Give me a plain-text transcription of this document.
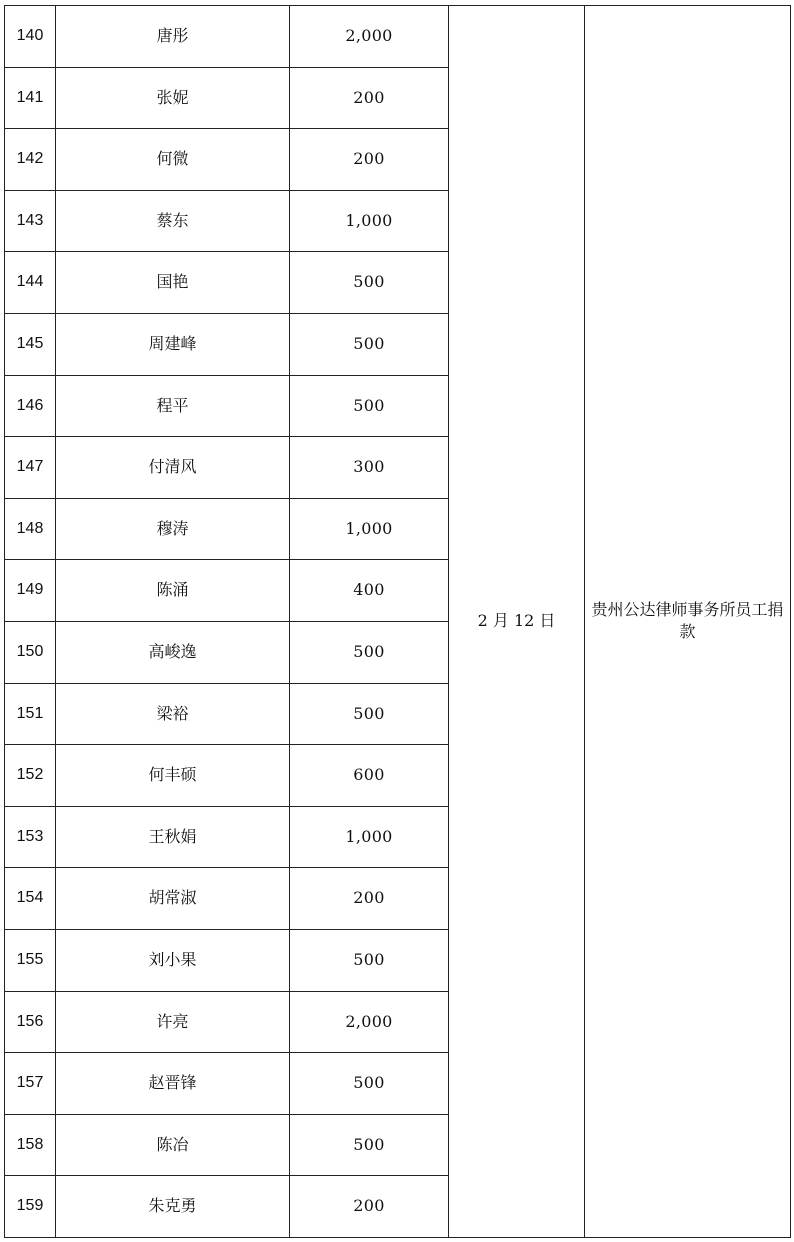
140	唐彤	2,000	2 月 12 日	贵州公达律师事务所员工捐款
141	张妮	200		
142	何微	200		
143	蔡东	1,000		
144	国艳	500		
145	周建峰	500		
146	程平	500		
147	付清风	300		
148	穆涛	1,000		
149	陈涌	400		
150	高峻逸	500		
151	梁裕	500		
152	何丰硕	600		
153	王秋娟	1,000		
154	胡常淑	200		
155	刘小果	500		
156	许亮	2,000		
157	赵晋锋	500		
158	陈冶	500		
159	朱克勇	200		
